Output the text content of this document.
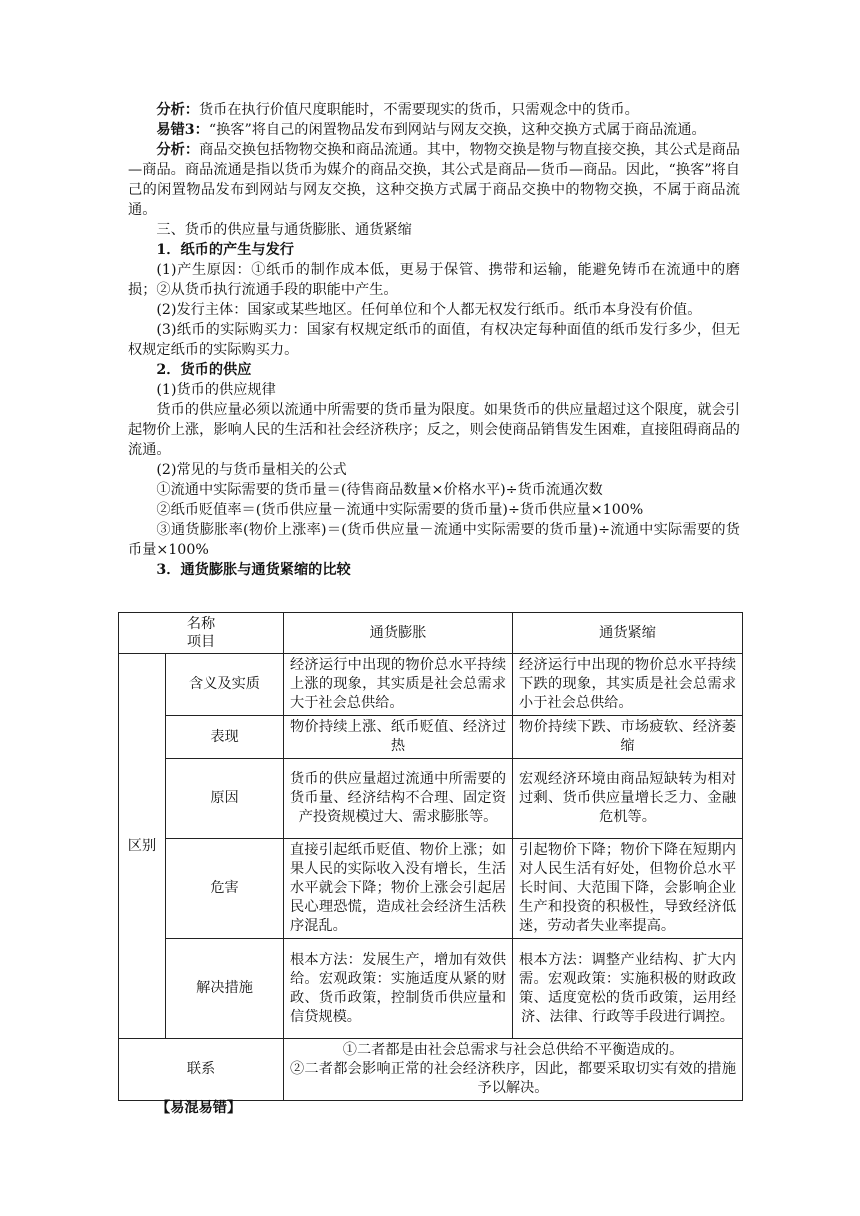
分析：货币在执行价值尺度职能时，不需要现实的货币，只需观念中的货币。

易错3：“换客”将自己的闲置物品发布到网站与网友交换，这种交换方式属于商品流通。

分析：商品交换包括物物交换和商品流通。其中，物物交换是物与物直接交换，其公式是商品—商品。商品流通是指以货币为媒介的商品交换，其公式是商品—货币—商品。因此，“换客”将自己的闲置物品发布到网站与网友交换，这种交换方式属于商品交换中的物物交换，不属于商品流通。

三、货币的供应量与通货膨胀、通货紧缩

1．纸币的产生与发行

(1)产生原因：①纸币的制作成本低，更易于保管、携带和运输，能避免铸币在流通中的磨损；②从货币执行流通手段的职能中产生。

(2)发行主体：国家或某些地区。任何单位和个人都无权发行纸币。纸币本身没有价值。

(3)纸币的实际购买力：国家有权规定纸币的面值，有权决定每种面值的纸币发行多少，但无权规定纸币的实际购买力。

2．货币的供应

(1)货币的供应规律

货币的供应量必须以流通中所需要的货币量为限度。如果货币的供应量超过这个限度，就会引起物价上涨，影响人民的生活和社会经济秩序；反之，则会使商品销售发生困难，直接阻碍商品的流通。

(2)常见的与货币量相关的公式

①流通中实际需要的货币量＝(待售商品数量×价格水平)÷货币流通次数

②纸币贬值率＝(货币供应量－流通中实际需要的货币量)÷货币供应量×100%

③通货膨胀率(物价上涨率)＝(货币供应量－流通中实际需要的货币量)÷流通中实际需要的货币量×100%

3．通货膨胀与通货紧缩的比较

名称
项目		通货膨胀	通货紧缩
区别	含义及实质	经济运行中出现的物价总水平持续上涨的现象，其实质是社会总需求大于社会总供给。	经济运行中出现的物价总水平持续下跌的现象，其实质是社会总需求小于社会总供给。
	表现	物价持续上涨、纸币贬值、经济过热	物价持续下跌、市场疲软、经济萎缩
	原因	货币的供应量超过流通中所需要的货币量、经济结构不合理、固定资产投资规模过大、需求膨胀等。	宏观经济环境由商品短缺转为相对过剩、货币供应量增长乏力、金融危机等。
	危害	直接引起纸币贬值、物价上涨；如果人民的实际收入没有增长，生活水平就会下降；物价上涨会引起居民心理恐慌，造成社会经济生活秩序混乱。	引起物价下降；物价下降在短期内对人民生活有好处，但物价总水平长时间、大范围下降，会影响企业生产和投资的积极性，导致经济低迷，劳动者失业率提高。
	解决措施	根本方法：发展生产，增加有效供给。宏观政策：实施适度从紧的财政、货币政策，控制货币供应量和信贷规模。	根本方法：调整产业结构、扩大内需。宏观政策：实施积极的财政政策、适度宽松的货币政策，运用经济、法律、行政等手段进行调控。
联系		①二者都是由社会总需求与社会总供给不平衡造成的。
②二者都会影响正常的社会经济秩序，因此，都要采取切实有效的措施予以解决。	
【易混易错】
